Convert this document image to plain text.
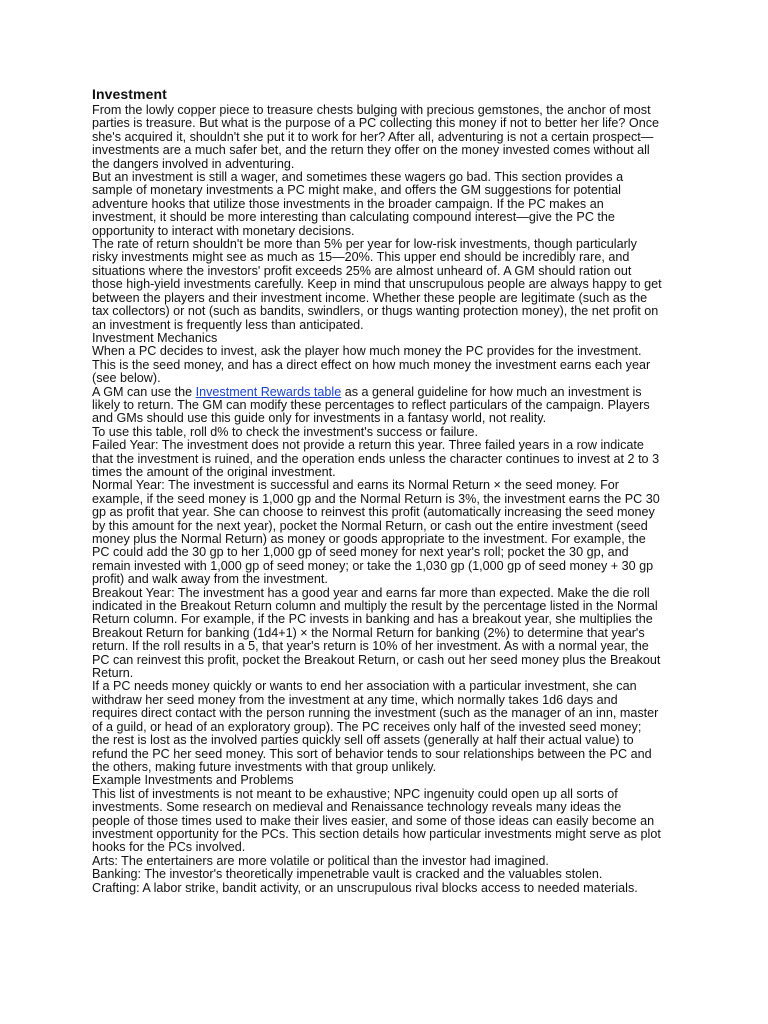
Investment

From the lowly copper piece to treasure chests bulging with precious gemstones, the anchor of most parties is treasure. But what is the purpose of a PC collecting this money if not to better her life? Once she's acquired it, shouldn't she put it to work for her? After all, adventuring is not a certain prospect—investments are a much safer bet, and the return they offer on the money invested comes without all the dangers involved in adventuring.

But an investment is still a wager, and sometimes these wagers go bad. This section provides a sample of monetary investments a PC might make, and offers the GM suggestions for potential adventure hooks that utilize those investments in the broader campaign. If the PC makes an investment, it should be more interesting than calculating compound interest—give the PC the opportunity to interact with monetary decisions.

The rate of return shouldn't be more than 5% per year for low-risk investments, though particularly risky investments might see as much as 15—20%. This upper end should be incredibly rare, and situations where the investors' profit exceeds 25% are almost unheard of. A GM should ration out those high-yield investments carefully. Keep in mind that unscrupulous people are always happy to get between the players and their investment income. Whether these people are legitimate (such as the tax collectors) or not (such as bandits, swindlers, or thugs wanting protection money), the net profit on an investment is frequently less than anticipated.

Investment Mechanics

When a PC decides to invest, ask the player how much money the PC provides for the investment. This is the seed money, and has a direct effect on how much money the investment earns each year (see below).

A GM can use the Investment Rewards table as a general guideline for how much an investment is likely to return. The GM can modify these percentages to reflect particulars of the campaign. Players and GMs should use this guide only for investments in a fantasy world, not reality.

To use this table, roll d% to check the investment's success or failure.

Failed Year: The investment does not provide a return this year. Three failed years in a row indicate that the investment is ruined, and the operation ends unless the character continues to invest at 2 to 3 times the amount of the original investment.

Normal Year: The investment is successful and earns its Normal Return × the seed money. For example, if the seed money is 1,000 gp and the Normal Return is 3%, the investment earns the PC 30 gp as profit that year. She can choose to reinvest this profit (automatically increasing the seed money by this amount for the next year), pocket the Normal Return, or cash out the entire investment (seed money plus the Normal Return) as money or goods appropriate to the investment. For example, the PC could add the 30 gp to her 1,000 gp of seed money for next year's roll; pocket the 30 gp, and remain invested with 1,000 gp of seed money; or take the 1,030 gp (1,000 gp of seed money + 30 gp profit) and walk away from the investment.

Breakout Year: The investment has a good year and earns far more than expected. Make the die roll indicated in the Breakout Return column and multiply the result by the percentage listed in the Normal Return column. For example, if the PC invests in banking and has a breakout year, she multiplies the Breakout Return for banking (1d4+1) × the Normal Return for banking (2%) to determine that year's return. If the roll results in a 5, that year's return is 10% of her investment. As with a normal year, the PC can reinvest this profit, pocket the Breakout Return, or cash out her seed money plus the Breakout Return.

If a PC needs money quickly or wants to end her association with a particular investment, she can withdraw her seed money from the investment at any time, which normally takes 1d6 days and requires direct contact with the person running the investment (such as the manager of an inn, master of a guild, or head of an exploratory group). The PC receives only half of the invested seed money; the rest is lost as the involved parties quickly sell off assets (generally at half their actual value) to refund the PC her seed money. This sort of behavior tends to sour relationships between the PC and the others, making future investments with that group unlikely.

Example Investments and Problems

This list of investments is not meant to be exhaustive; NPC ingenuity could open up all sorts of investments. Some research on medieval and Renaissance technology reveals many ideas the people of those times used to make their lives easier, and some of those ideas can easily become an investment opportunity for the PCs. This section details how particular investments might serve as plot hooks for the PCs involved.

Arts: The entertainers are more volatile or political than the investor had imagined.

Banking: The investor's theoretically impenetrable vault is cracked and the valuables stolen.

Crafting: A labor strike, bandit activity, or an unscrupulous rival blocks access to needed materials.
